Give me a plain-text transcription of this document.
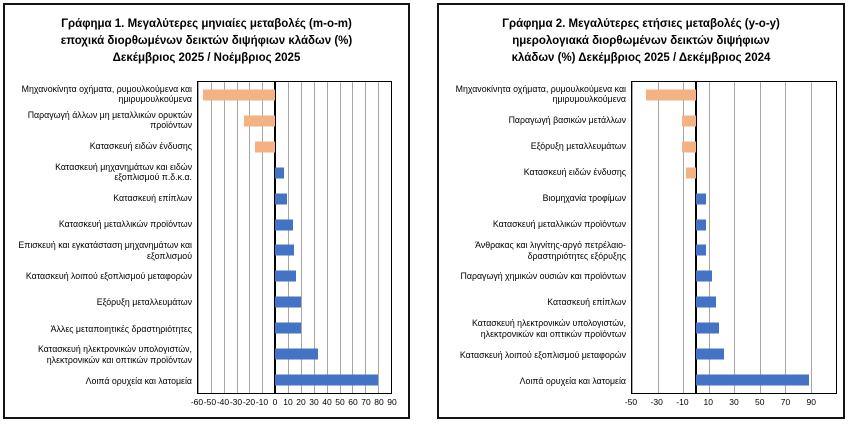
Γράφημα 1. Μεγαλύτερες μηνιαίες μεταβολές (m-o-m)
εποχικά διορθωμένων δεικτών διψήφιων κλάδων (%)
Δεκέμβριος 2025 / Νοέμβριος 2025
Μηχανοκίνητα οχήματα, ρυμουλκούμενα και ημιρυμουλκούμενα
Παραγωγή άλλων μη μεταλλικών ορυκτών προϊόντων
Κατασκευή ειδών ένδυσης
Κατασκευή μηχανημάτων και ειδών εξοπλισμού π.δ.κ.α.
Κατασκευή επίπλων
Κατασκευή μεταλλικών προϊόντων
Επισκευή και εγκατάσταση μηχανημάτων και εξοπλισμού
Κατασκευή λοιπού εξοπλισμού μεταφορών
Εξόρυξη μεταλλευμάτων
Άλλες μεταποιητικές δραστηριότητες
Κατασκευή ηλεκτρονικών υπολογιστών, ηλεκτρονικών και οπτικών προϊόντων
Λοιπά ορυχεία και λατομεία
-60 -50 -40 -30 -20 -10 0 10 20 30 40 50 60 70 80 90
Γράφημα 2. Μεγαλύτερες ετήσιες μεταβολές (y-o-y)
ημερολογιακά διορθωμένων δεικτών διψήφιων
κλάδων (%) Δεκέμβριος 2025 / Δεκέμβριος 2024
Μηχανοκίνητα οχήματα, ρυμουλκούμενα και ημιρυμουλκούμενα
Παραγωγή βασικών μετάλλων
Εξόρυξη μεταλλευμάτων
Κατασκευή ειδών ένδυσης
Βιομηχανία τροφίμων
Κατασκευή μεταλλικών προϊόντων
Άνθρακας και λιγνίτης-αργό πετρέλαιο-δραστηριότητες εξόρυξης
Παραγωγή χημικών ουσιών και προϊόντων
Κατασκευή επίπλων
Κατασκευή ηλεκτρονικών υπολογιστών, ηλεκτρονικών και οπτικών προϊόντων
Κατασκευή λοιπού εξοπλισμού μεταφορών
Λοιπά ορυχεία και λατομεία
-50 -30 -10 10 30 50 70 90
